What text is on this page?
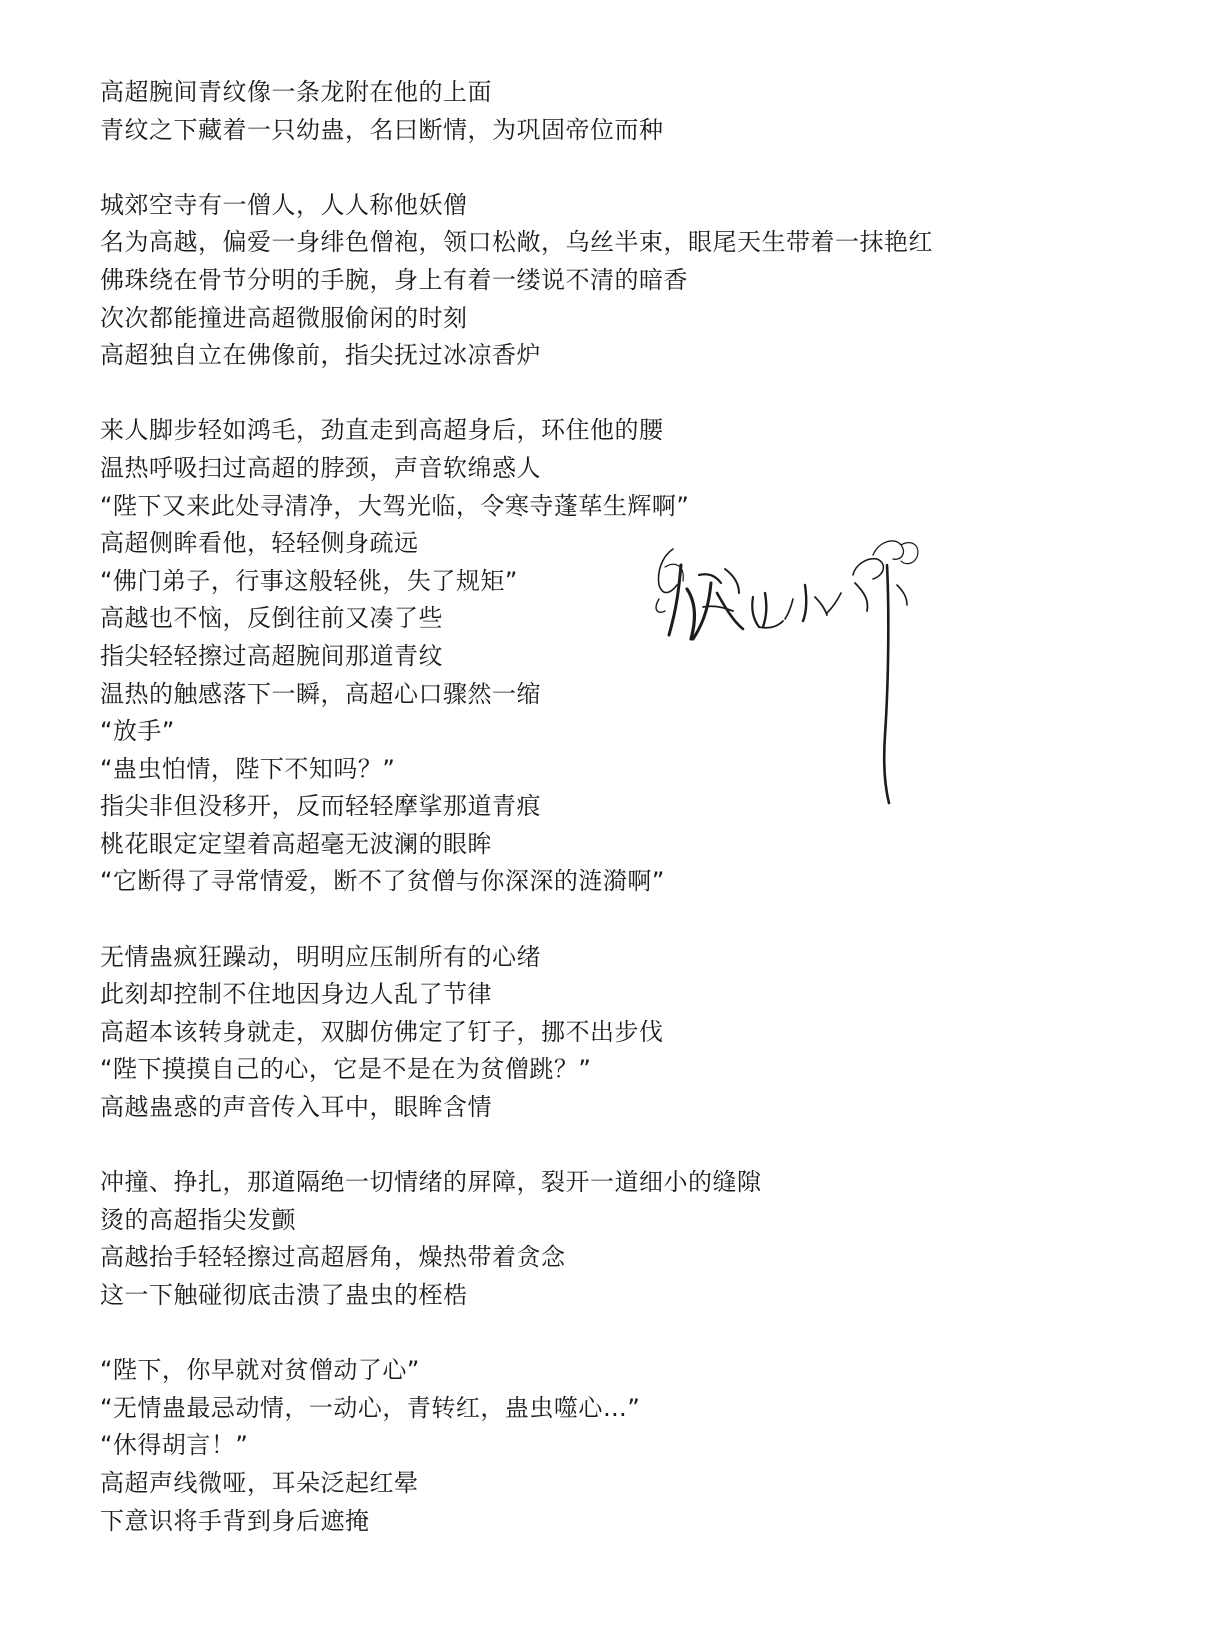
高超腕间青纹像一条龙附在他的上面
青纹之下藏着一只幼蛊，名曰断情，为巩固帝位而种
城郊空寺有一僧人，人人称他妖僧
名为高越，偏爱一身绯色僧袍，领口松敞，乌丝半束，眼尾天生带着一抹艳红
佛珠绕在骨节分明的手腕，身上有着一缕说不清的暗香
次次都能撞进高超微服偷闲的时刻
高超独自立在佛像前，指尖抚过冰凉香炉
来人脚步轻如鸿毛，劲直走到高超身后，环住他的腰
温热呼吸扫过高超的脖颈，声音软绵惑人
“陛下又来此处寻清净，大驾光临，令寒寺蓬荜生辉啊”
高超侧眸看他，轻轻侧身疏远
“佛门弟子，行事这般轻佻，失了规矩”
高越也不恼，反倒往前又凑了些
指尖轻轻擦过高超腕间那道青纹
温热的触感落下一瞬，高超心口骤然一缩
“放手”
“蛊虫怕情，陛下不知吗？”
指尖非但没移开，反而轻轻摩挲那道青痕
桃花眼定定望着高超毫无波澜的眼眸
“它断得了寻常情爱，断不了贫僧与你深深的涟漪啊”
无情蛊疯狂躁动，明明应压制所有的心绪
此刻却控制不住地因身边人乱了节律
高超本该转身就走，双脚仿佛定了钉子，挪不出步伐
“陛下摸摸自己的心，它是不是在为贫僧跳？”
高越蛊惑的声音传入耳中，眼眸含情
冲撞、挣扎，那道隔绝一切情绪的屏障，裂开一道细小的缝隙
烫的高超指尖发颤
高越抬手轻轻擦过高超唇角，燥热带着贪念
这一下触碰彻底击溃了蛊虫的桎梏
“陛下，你早就对贫僧动了心”
“无情蛊最忌动情，一动心，青转红，蛊虫噬心…”
“休得胡言！”
高超声线微哑，耳朵泛起红晕
下意识将手背到身后遮掩
